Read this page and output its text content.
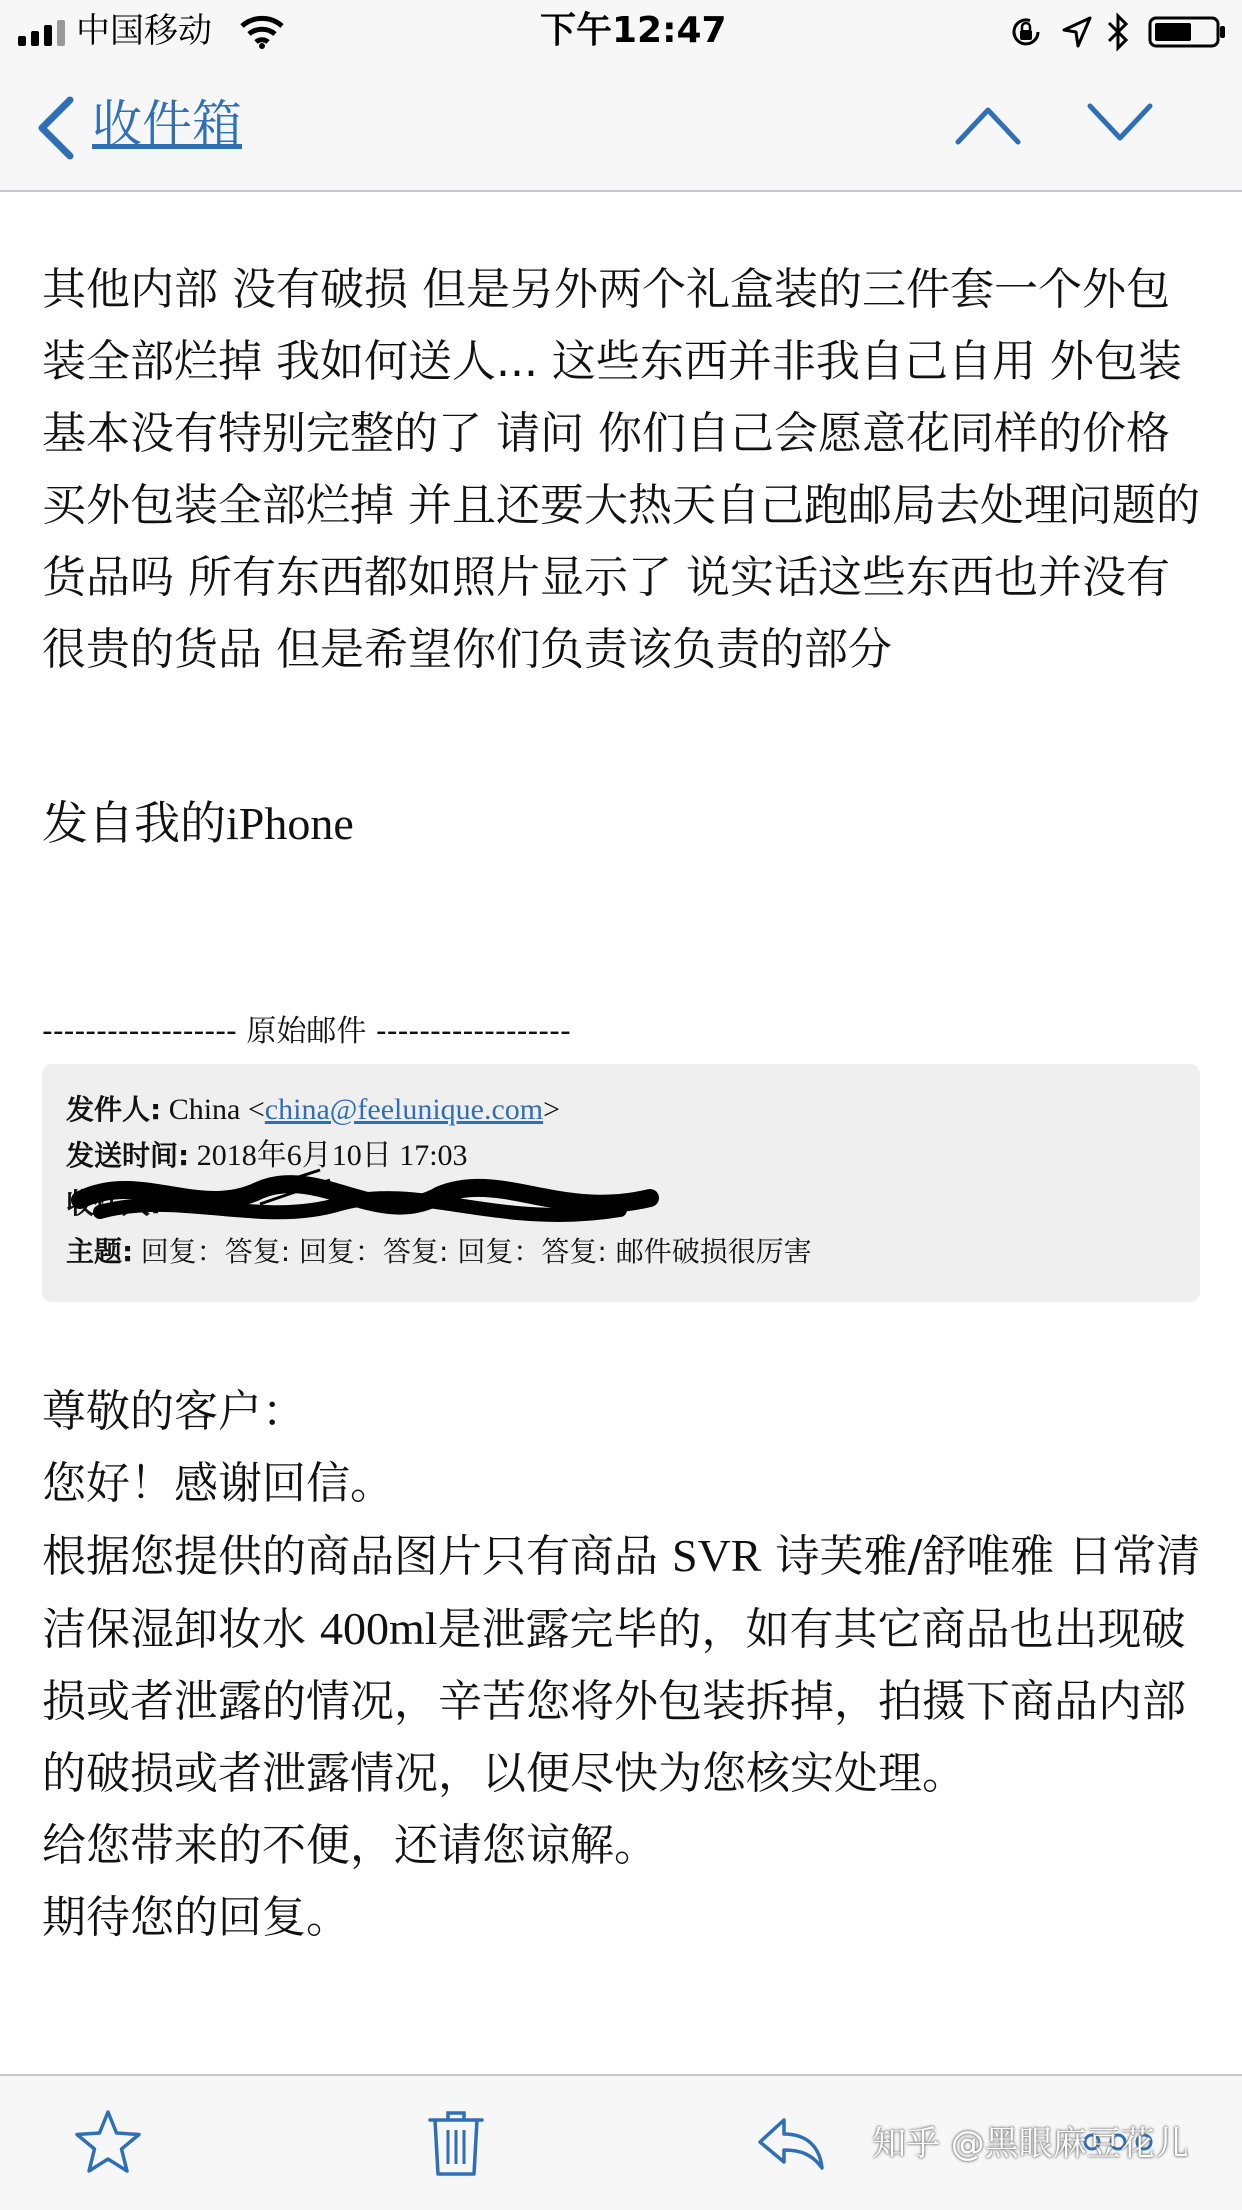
中国移动	下午12:47
收件箱
其他内部 没有破损 但是另外两个礼盒装的三件套一个外包装全部烂掉 我如何送人... 这些东西并非我自己自用 外包装基本没有特别完整的了 请问 你们自己会愿意花同样的价格买外包装全部烂掉 并且还要大热天自己跑邮局去处理问题的货品吗 所有东西都如照片显示了 说实话这些东西也并没有很贵的货品 但是希望你们负责该负责的部分
发自我的iPhone
------------------ 原始邮件 ------------------
发件人: China <china@feelunique.com>
发送时间: 2018年6月10日 17:03
收件人:
主题: 回复：答复: 回复：答复: 回复：答复: 邮件破损很厉害

尊敬的客户：

您好！感谢回信。

根据您提供的商品图片只有商品 SVR 诗芙雅/舒唯雅 日常清洁保湿卸妆水 400ml是泄露完毕的，如有其它商品也出现破损或者泄露的情况，辛苦您将外包装拆掉，拍摄下商品内部的破损或者泄露情况，以便尽快为您核实处理。

给您带来的不便，还请您谅解。

期待您的回复。

知乎 @黑眼麻豆花儿
